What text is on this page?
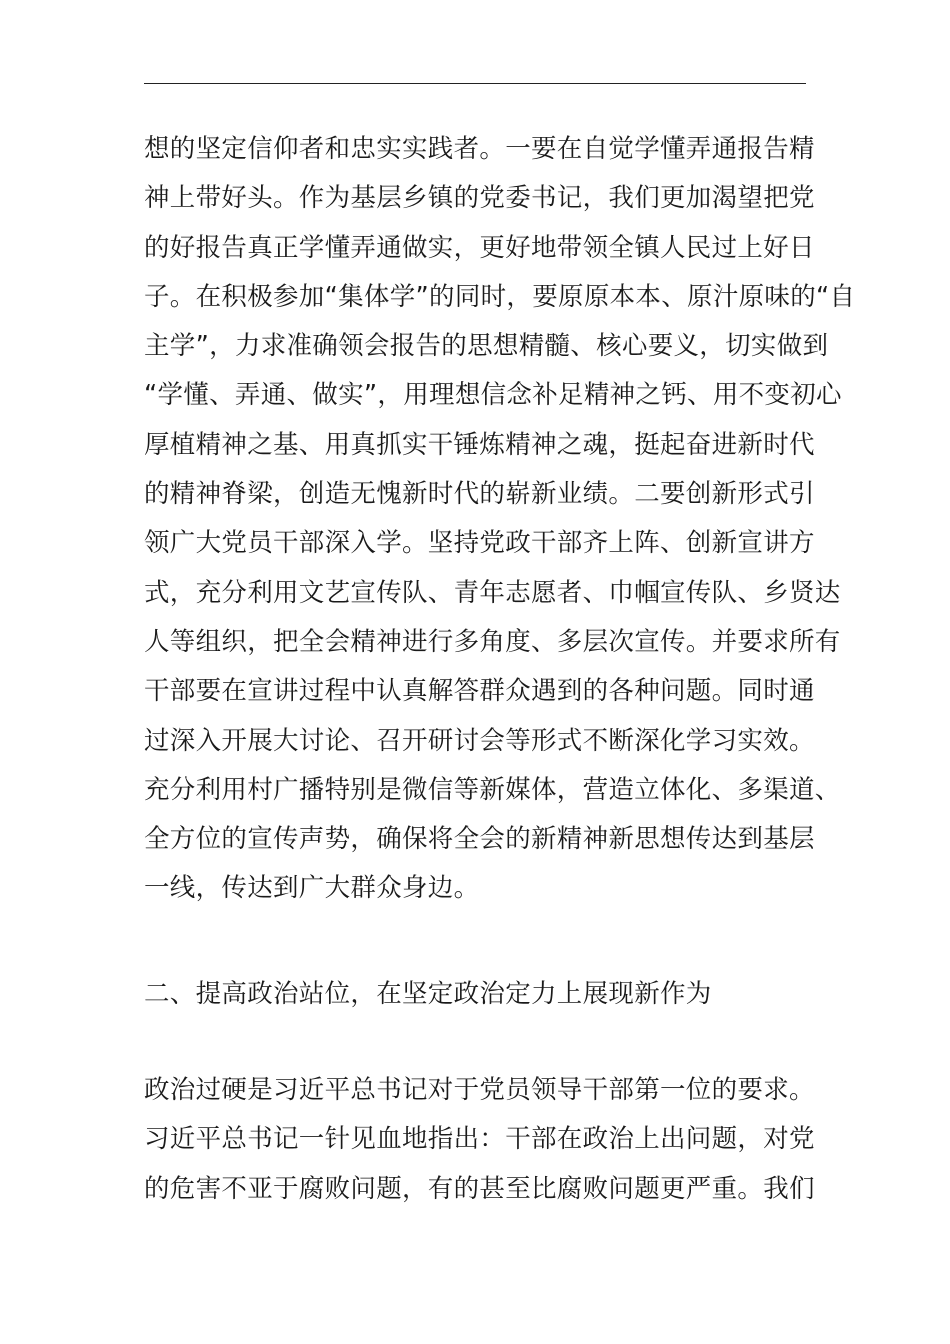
想的坚定信仰者和忠实实践者。一要在自觉学懂弄通报告精
神上带好头。作为基层乡镇的党委书记，我们更加渴望把党
的好报告真正学懂弄通做实，更好地带领全镇人民过上好日
子。在积极参加“集体学”的同时，要原原本本、原汁原味的“自
主学”，力求准确领会报告的思想精髓、核心要义，切实做到
“学懂、弄通、做实”，用理想信念补足精神之钙、用不变初心
厚植精神之基、用真抓实干锤炼精神之魂，挺起奋进新时代
的精神脊梁，创造无愧新时代的崭新业绩。二要创新形式引
领广大党员干部深入学。坚持党政干部齐上阵、创新宣讲方
式，充分利用文艺宣传队、青年志愿者、巾帼宣传队、乡贤达
人等组织，把全会精神进行多角度、多层次宣传。并要求所有
干部要在宣讲过程中认真解答群众遇到的各种问题。同时通
过深入开展大讨论、召开研讨会等形式不断深化学习实效。
充分利用村广播特别是微信等新媒体，营造立体化、多渠道、
全方位的宣传声势，确保将全会的新精神新思想传达到基层
一线，传达到广大群众身边。
二、提高政治站位，在坚定政治定力上展现新作为
政治过硬是习近平总书记对于党员领导干部第一位的要求。
习近平总书记一针见血地指出：干部在政治上出问题，对党
的危害不亚于腐败问题，有的甚至比腐败问题更严重。我们
